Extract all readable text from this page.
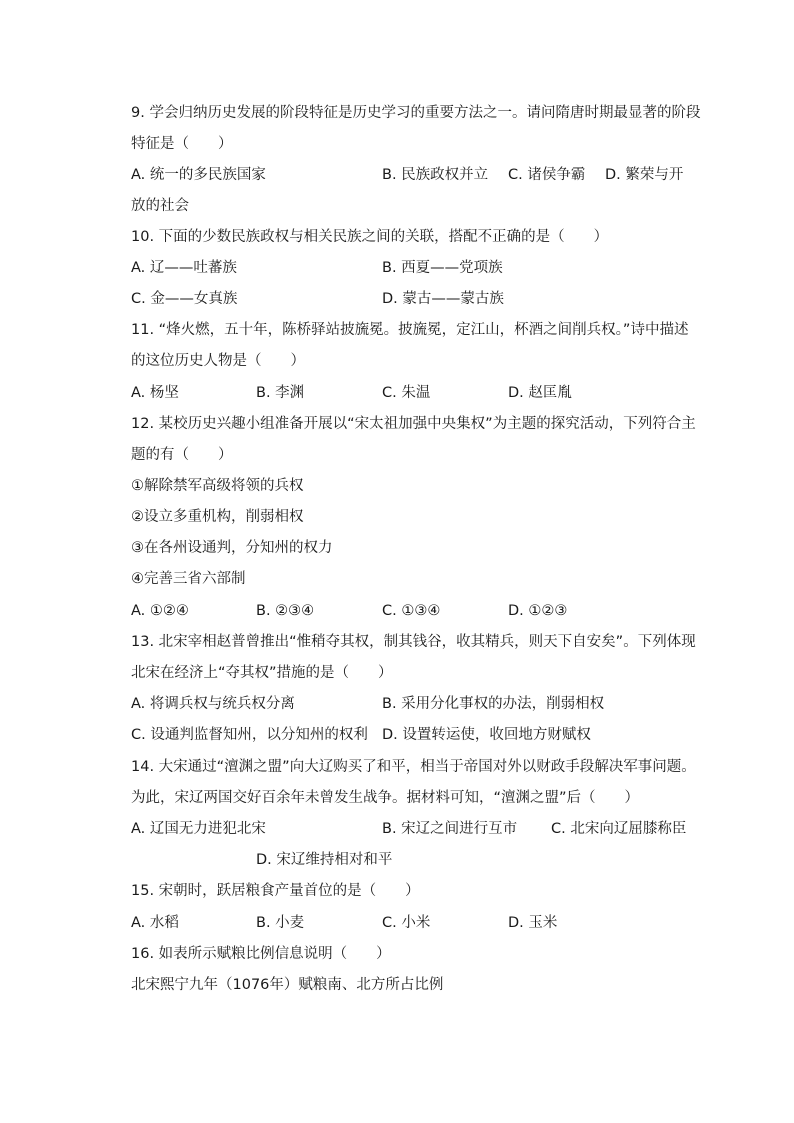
9. 学会归纳历史发展的阶段特征是历史学习的重要方法之一。请问隋唐时期最显著的阶段
特征是（　　）
A. 统一的多民族国家	B. 民族政权并立 C. 诸侯争霸 D. 繁荣与开
放的社会
10. 下面的少数民族政权与相关民族之间的关联，搭配不正确的是（　　）
A. 辽——吐蕃族	B. 西夏——党项族
C. 金——女真族	D. 蒙古——蒙古族
11. “烽火燃，五十年，陈桥驿站披旒冕。披旒冕，定江山，杯酒之间削兵权。”诗中描述
的这位历史人物是（　　）
A. 杨坚	B. 李渊	C. 朱温	D. 赵匡胤
12. 某校历史兴趣小组准备开展以“宋太祖加强中央集权”为主题的探究活动，下列符合主
题的有（　　）
①解除禁军高级将领的兵权
②设立多重机构，削弱相权
③在各州设通判，分知州的权力
④完善三省六部制
A. ①②④	B. ②③④	C. ①③④	D. ①②③
13. 北宋宰相赵普曾推出“惟稍夺其权，制其钱谷，收其精兵，则天下自安矣”。下列体现
北宋在经济上“夺其权”措施的是（　　）
A. 将调兵权与统兵权分离	B. 采用分化事权的办法，削弱相权
C. 设通判监督知州，以分知州的权利 D. 设置转运使，收回地方财赋权
14. 大宋通过“澶渊之盟”向大辽购买了和平，相当于帝国对外以财政手段解决军事问题。
为此，宋辽两国交好百余年未曾发生战争。据材料可知，“澶渊之盟”后（　　）
A. 辽国无力进犯北宋	B. 宋辽之间进行互市 C. 北宋向辽屈膝称臣
D. 宋辽维持相对和平
15. 宋朝时，跃居粮食产量首位的是（　　）
A. 水稻	B. 小麦	C. 小米	D. 玉米
16. 如表所示赋粮比例信息说明（　　）
北宋熙宁九年（1076年）赋粮南、北方所占比例
